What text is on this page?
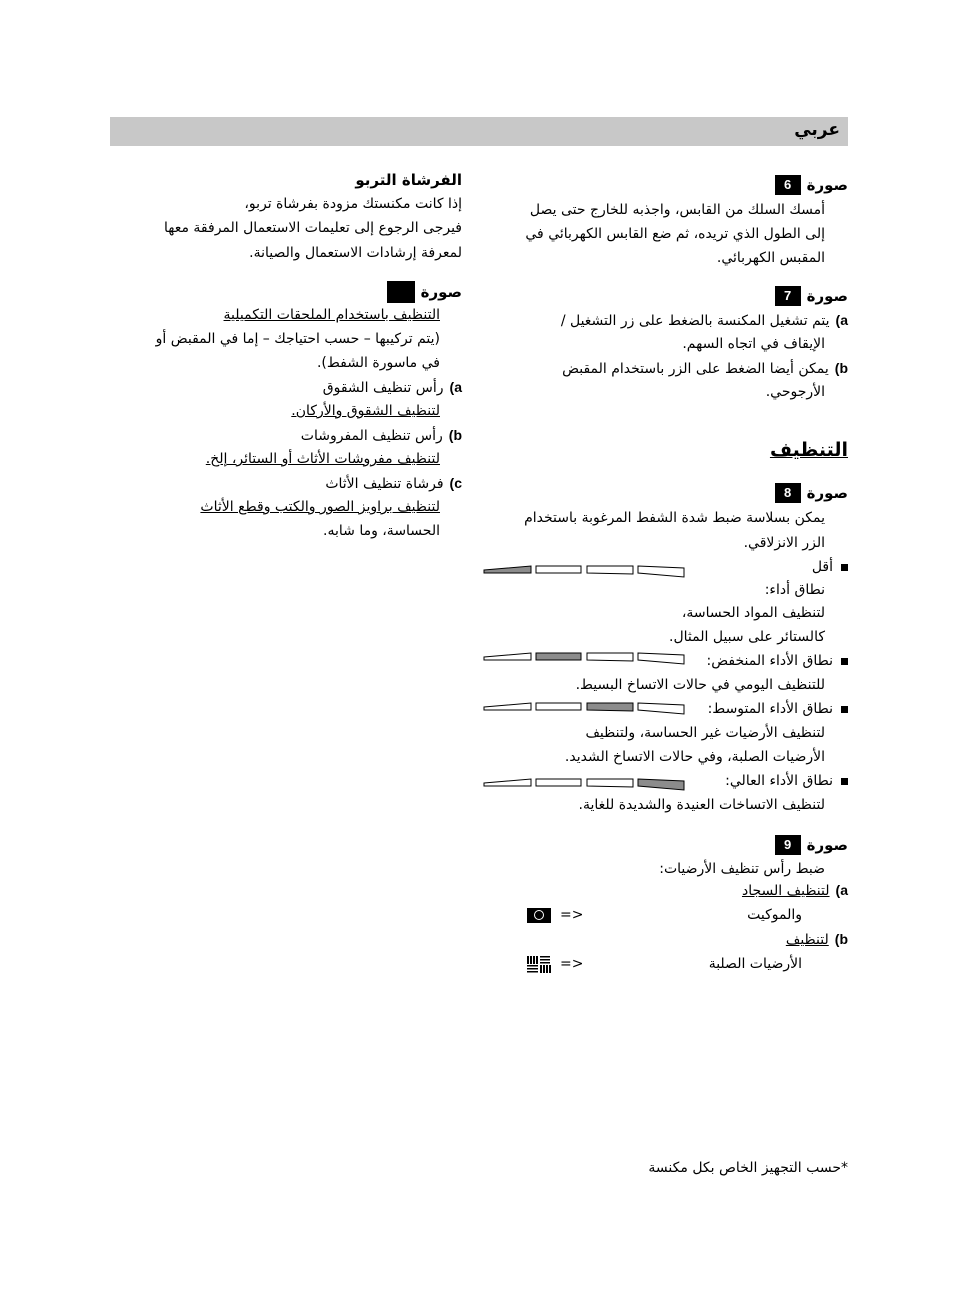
عربي
صورة
6
أمسك السلك من القابس، واجذبه للخارج حتى يصل
إلى الطول الذي تريده، ثم ضع القابس الكهربائي في
المقبس الكهربائي.
صورة
7
a)يتم تشغيل المكنسة بالضغط على زر التشغيل /
الإيقاف في اتجاه السهم.
b)يمكن أيضا الضغط على الزر باستخدام المقبض
الأرجوحي.
التنظيف
صورة
8
يمكن بسلاسة ضبط شدة الشفط المرغوبة باستخدام
الزر الانزلاقي.
أقل
نطاق أداء:
لتنظيف المواد الحساسة،
كالستائر على سبيل المثال.
نطاق الأداء المنخفض:
للتنظيف اليومي في حالات الاتساخ البسيط.
نطاق الأداء المتوسط:
لتنظيف الأرضيات غير الحساسة، ولتنظيف
الأرضيات الصلبة، وفي حالات الاتساخ الشديد.
نطاق الأداء العالي:
لتنظيف الاتساخات العنيدة والشديدة للغاية.
صورة
9
ضبط رأس تنظيف الأرضيات:
a)لتنظيف السجاد
والموكيت
<=
b)لتنظيف
الأرضيات الصلبة
<=
الفرشاة التربو
إذا كانت مكنستك مزودة بفرشاة تربو،
فيرجى الرجوع إلى تعليمات الاستعمال المرفقة معها
لمعرفة إرشادات الاستعمال والصيانة.
صورة
التنظيف باستخدام الملحقات التكميلية
(يتم تركيبها – حسب احتياجك – إما في المقبض أو
في ماسورة الشفط).
a)رأس تنظيف الشقوق
لتنظيف الشقوق والأركان.
b)رأس تنظيف المفروشات
لتنظيف مفروشات الأثاث أو الستائر، إلخ.
c)فرشاة تنظيف الأثاث
لتنظيف براويز الصور والكتب وقطع الأثاث
الحساسة، وما شابه.
*حسب التجهيز الخاص بكل مكنسة
